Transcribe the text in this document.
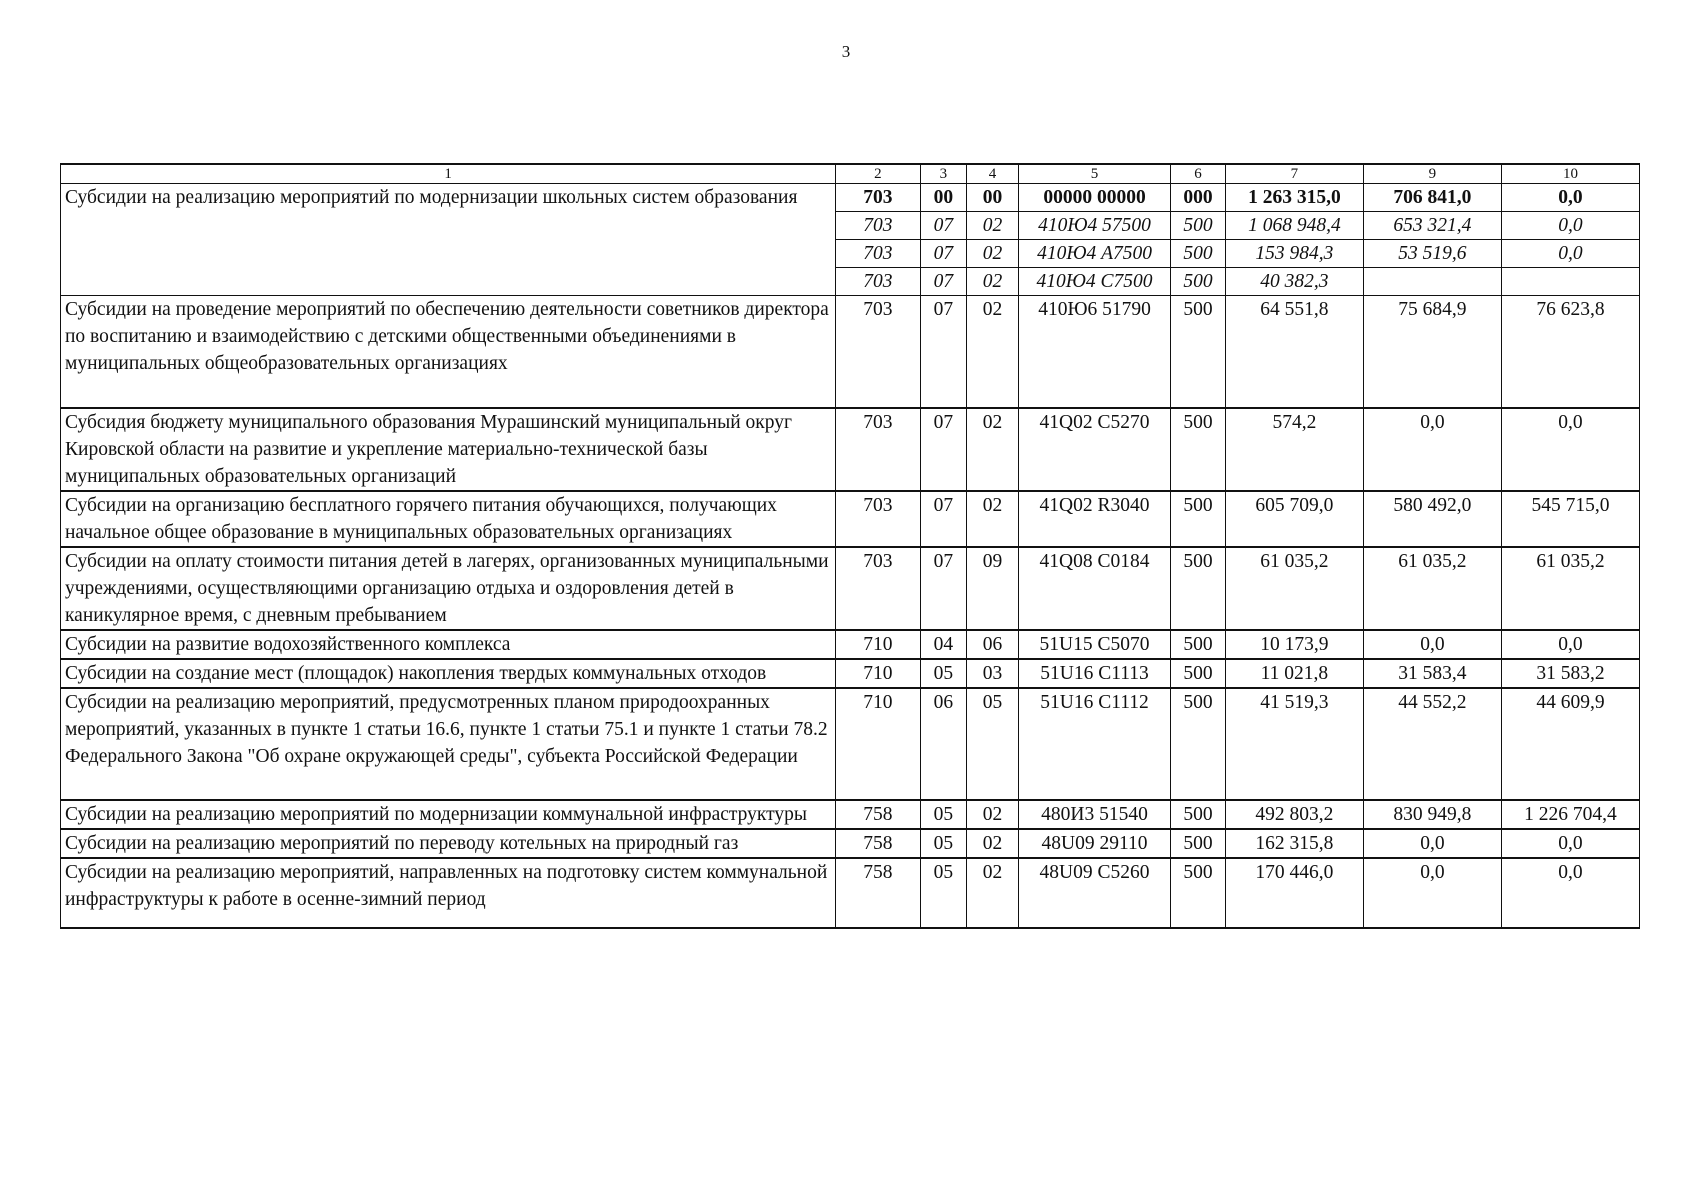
3
1	2	3	4	5	6	7	9	10
Субсидии на реализацию мероприятий по модернизации школьных систем образования	703	00	00	00000 00000	000	1 263 315,0	706 841,0	0,0
	703	07	02	410Ю4 57500	500	1 068 948,4	653 321,4	0,0
	703	07	02	410Ю4 A7500	500	153 984,3	53 519,6	0,0
	703	07	02	410Ю4 C7500	500	40 382,3		
Субсидии на проведение мероприятий по обеспечению деятельности советников директора по воспитанию и взаимодействию с детскими общественными объединениями в муниципальных общеобразовательных организациях	703	07	02	410Ю6 51790	500	64 551,8	75 684,9	76 623,8
Субсидия бюджету муниципального образования Мурашинский муниципальный округ Кировской области на развитие и укрепление материально-технической базы муниципальных образовательных организаций	703	07	02	41Q02 C5270	500	574,2	0,0	0,0
Субсидии на организацию бесплатного горячего питания обучающихся, получающих начальное общее образование в муниципальных образовательных организациях	703	07	02	41Q02 R3040	500	605 709,0	580 492,0	545 715,0
Субсидии на оплату стоимости питания детей в лагерях, организованных муниципальными учреждениями, осуществляющими организацию отдыха и оздоровления детей в каникулярное время, с дневным пребыванием	703	07	09	41Q08 C0184	500	61 035,2	61 035,2	61 035,2
Субсидии на развитие водохозяйственного комплекса	710	04	06	51U15 C5070	500	10 173,9	0,0	0,0
Субсидии на создание мест (площадок) накопления твердых коммунальных отходов	710	05	03	51U16 C1113	500	11 021,8	31 583,4	31 583,2
Субсидии на реализацию мероприятий, предусмотренных планом природоохранных мероприятий, указанных в пункте 1 статьи 16.6, пункте 1 статьи 75.1 и пункте 1 статьи 78.2 Федерального Закона "Об охране окружающей среды", субъекта Российской Федерации	710	06	05	51U16 C1112	500	41 519,3	44 552,2	44 609,9
Субсидии на реализацию мероприятий по модернизации коммунальной инфраструктуры	758	05	02	480И3 51540	500	492 803,2	830 949,8	1 226 704,4
Субсидии на реализацию мероприятий по переводу котельных на природный газ	758	05	02	48U09 29110	500	162 315,8	0,0	0,0
Субсидии на реализацию мероприятий, направленных на подготовку систем коммунальной инфраструктуры к работе в осенне-зимний период	758	05	02	48U09 C5260	500	170 446,0	0,0	0,0
